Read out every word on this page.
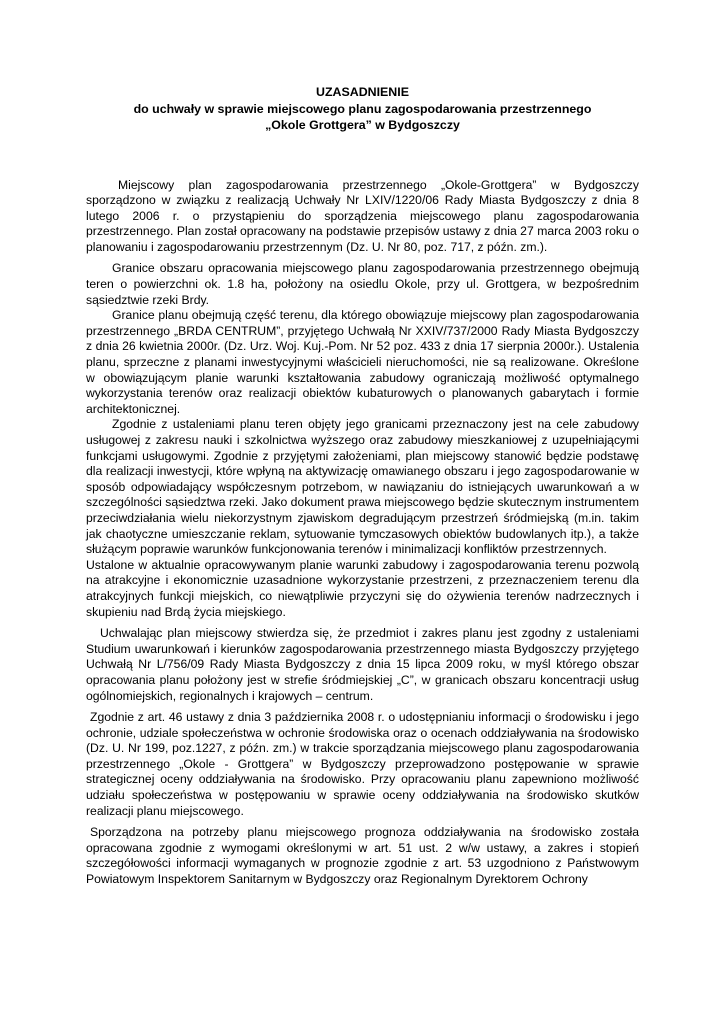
UZASADNIENIE
do uchwały w sprawie miejscowego planu zagospodarowania przestrzennego
„Okole Grottgera” w Bydgoszczy

Miejscowy plan zagospodarowania przestrzennego „Okole-Grottgera” w Bydgoszczy sporządzono w związku z realizacją Uchwały Nr LXIV/1220/06 Rady Miasta Bydgoszczy z dnia 8 lutego 2006 r. o przystąpieniu do sporządzenia miejscowego planu zagospodarowania przestrzennego. Plan został opracowany na podstawie przepisów ustawy z dnia 27 marca 2003 roku o planowaniu i zagospodarowaniu przestrzennym (Dz. U. Nr 80, poz. 717, z późn. zm.).

Granice obszaru opracowania miejscowego planu zagospodarowania przestrzennego obejmują teren o powierzchni ok. 1.8 ha, położony na osiedlu Okole, przy ul. Grottgera, w bezpośrednim sąsiedztwie rzeki Brdy.

Granice planu obejmują część terenu, dla którego obowiązuje miejscowy plan zagospodarowania przestrzennego „BRDA CENTRUM”, przyjętego Uchwałą Nr XXIV/737/2000 Rady Miasta Bydgoszczy z dnia 26 kwietnia 2000r. (Dz. Urz. Woj. Kuj.-Pom. Nr 52 poz. 433 z dnia 17 sierpnia 2000r.). Ustalenia planu, sprzeczne z planami inwestycyjnymi właścicieli nieruchomości, nie są realizowane. Określone w obowiązującym planie warunki kształtowania zabudowy ograniczają możliwość optymalnego wykorzystania terenów oraz realizacji obiektów kubaturowych o planowanych gabarytach i formie architektonicznej.

Zgodnie z ustaleniami planu teren objęty jego granicami przeznaczony jest na cele zabudowy usługowej z zakresu nauki i szkolnictwa wyższego oraz zabudowy mieszkaniowej z uzupełniającymi funkcjami usługowymi. Zgodnie z przyjętymi założeniami, plan miejscowy stanowić będzie podstawę dla realizacji inwestycji, które wpłyną na aktywizację omawianego obszaru i jego zagospodarowanie w sposób odpowiadający współczesnym potrzebom, w nawiązaniu do istniejących uwarunkowań a w szczególności sąsiedztwa rzeki. Jako dokument prawa miejscowego będzie skutecznym instrumentem przeciwdziałania wielu niekorzystnym zjawiskom degradującym przestrzeń śródmiejską (m.in. takim jak chaotyczne umieszczanie reklam, sytuowanie tymczasowych obiektów budowlanych itp.), a także służącym poprawie warunków funkcjonowania terenów i minimalizacji konfliktów przestrzennych.

Ustalone w aktualnie opracowywanym planie warunki zabudowy i zagospodarowania terenu pozwolą na atrakcyjne i ekonomicznie uzasadnione wykorzystanie przestrzeni, z przeznaczeniem terenu dla atrakcyjnych funkcji miejskich, co niewątpliwie przyczyni się do ożywienia terenów nadrzecznych i skupieniu nad Brdą życia miejskiego.

Uchwalając plan miejscowy stwierdza się, że przedmiot i zakres planu jest zgodny z ustaleniami Studium uwarunkowań i kierunków zagospodarowania przestrzennego miasta Bydgoszczy przyjętego Uchwałą Nr L/756/09 Rady Miasta Bydgoszczy z dnia 15 lipca 2009 roku, w myśl którego obszar opracowania planu położony jest w strefie śródmiejskiej „C”, w granicach obszaru koncentracji usług ogólnomiejskich, regionalnych i krajowych – centrum.

Zgodnie z art. 46 ustawy z dnia 3 października 2008 r. o udostępnianiu informacji o środowisku i jego ochronie, udziale społeczeństwa w ochronie środowiska oraz o ocenach oddziaływania na środowisko (Dz. U. Nr 199, poz.1227, z późn. zm.) w trakcie sporządzania miejscowego planu zagospodarowania przestrzennego „Okole - Grottgera” w Bydgoszczy przeprowadzono postępowanie w sprawie strategicznej oceny oddziaływania na środowisko. Przy opracowaniu planu zapewniono możliwość udziału społeczeństwa w postępowaniu w sprawie oceny oddziaływania na środowisko skutków realizacji planu miejscowego.

Sporządzona na potrzeby planu miejscowego prognoza oddziaływania na środowisko została opracowana zgodnie z wymogami określonymi w art. 51 ust. 2 w/w ustawy, a zakres i stopień szczegółowości informacji wymaganych w prognozie zgodnie z art. 53 uzgodniono z Państwowym Powiatowym Inspektorem Sanitarnym w Bydgoszczy oraz Regionalnym Dyrektorem Ochrony
